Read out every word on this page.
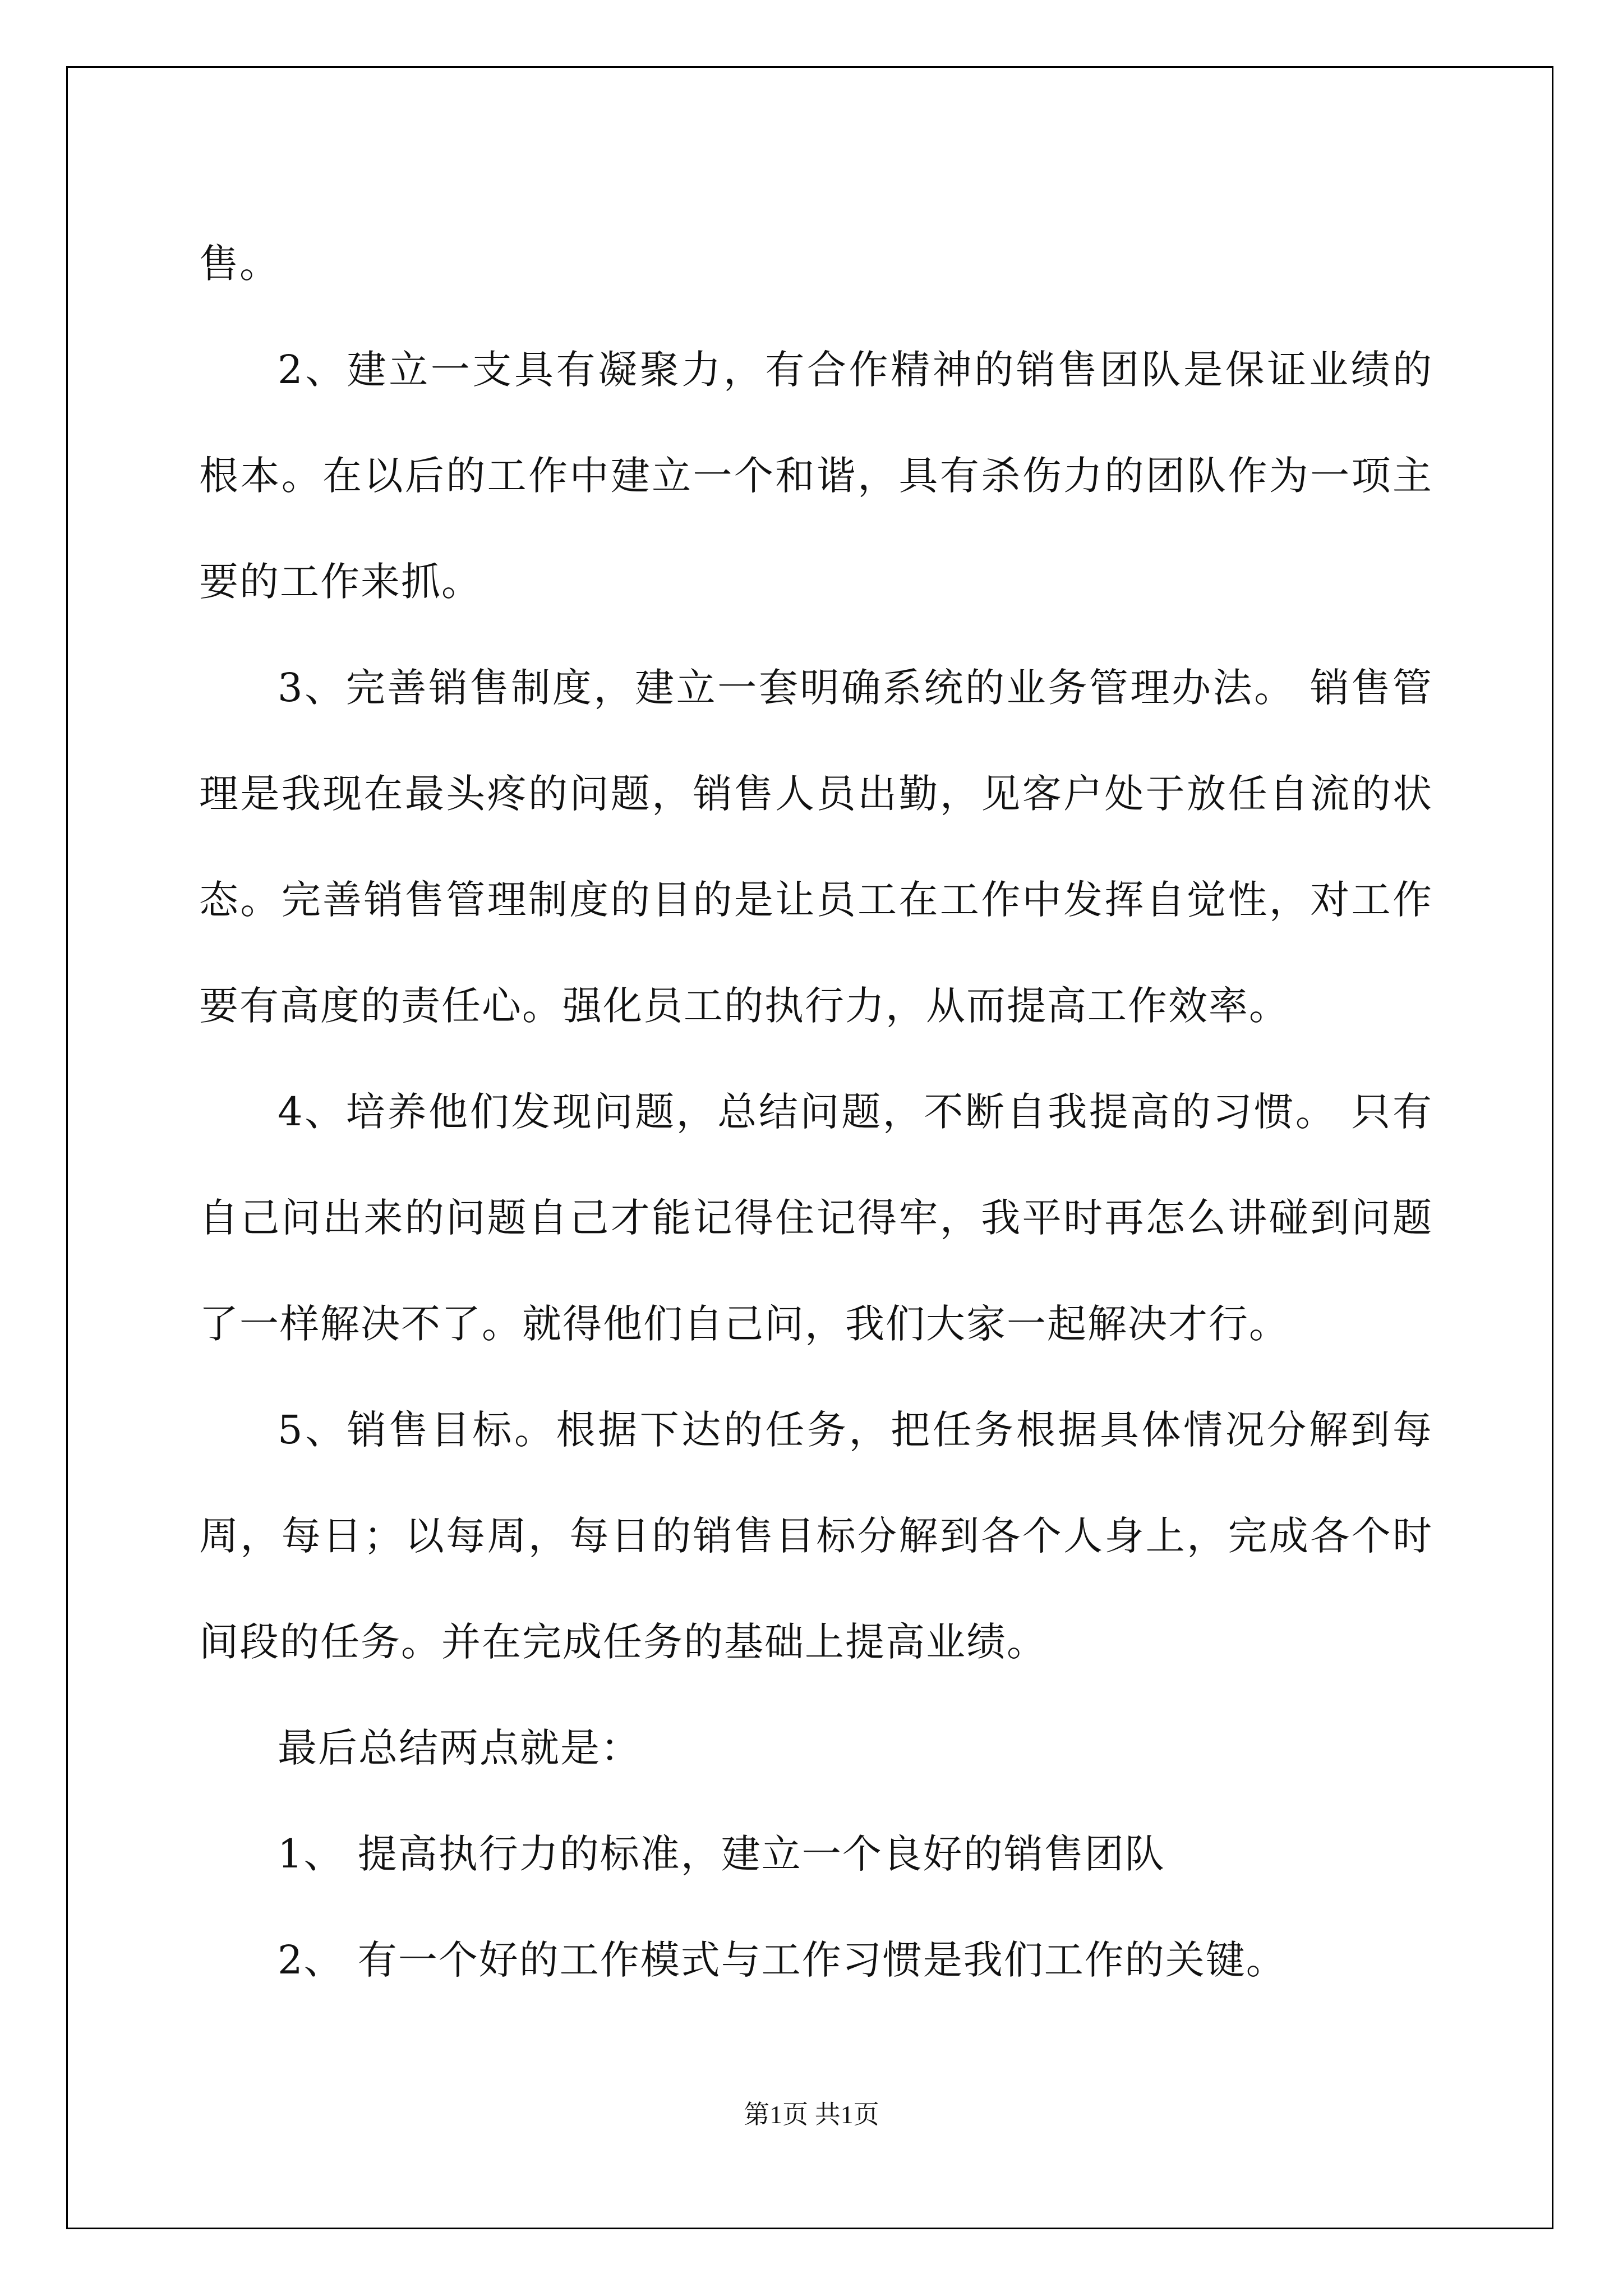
售。

2、建立一支具有凝聚力，有合作精神的销售团队是保证业绩的根本。在以后的工作中建立一个和谐，具有杀伤力的团队作为一项主要的工作来抓。

3、完善销售制度，建立一套明确系统的业务管理办法。 销售管理是我现在最头疼的问题，销售人员出勤，见客户处于放任自流的状态。完善销售管理制度的目的是让员工在工作中发挥自觉性，对工作要有高度的责任心。强化员工的执行力，从而提高工作效率。

4、培养他们发现问题，总结问题，不断自我提高的习惯。 只有自己问出来的问题自己才能记得住记得牢，我平时再怎么讲碰到问题了一样解决不了。就得他们自己问，我们大家一起解决才行。

5、销售目标。根据下达的任务，把任务根据具体情况分解到每周，每日；以每周，每日的销售目标分解到各个人身上，完成各个时间段的任务。并在完成任务的基础上提高业绩。

最后总结两点就是：

1、 提高执行力的标准，建立一个良好的销售团队

2、 有一个好的工作模式与工作习惯是我们工作的关键。

第1页 共1页
